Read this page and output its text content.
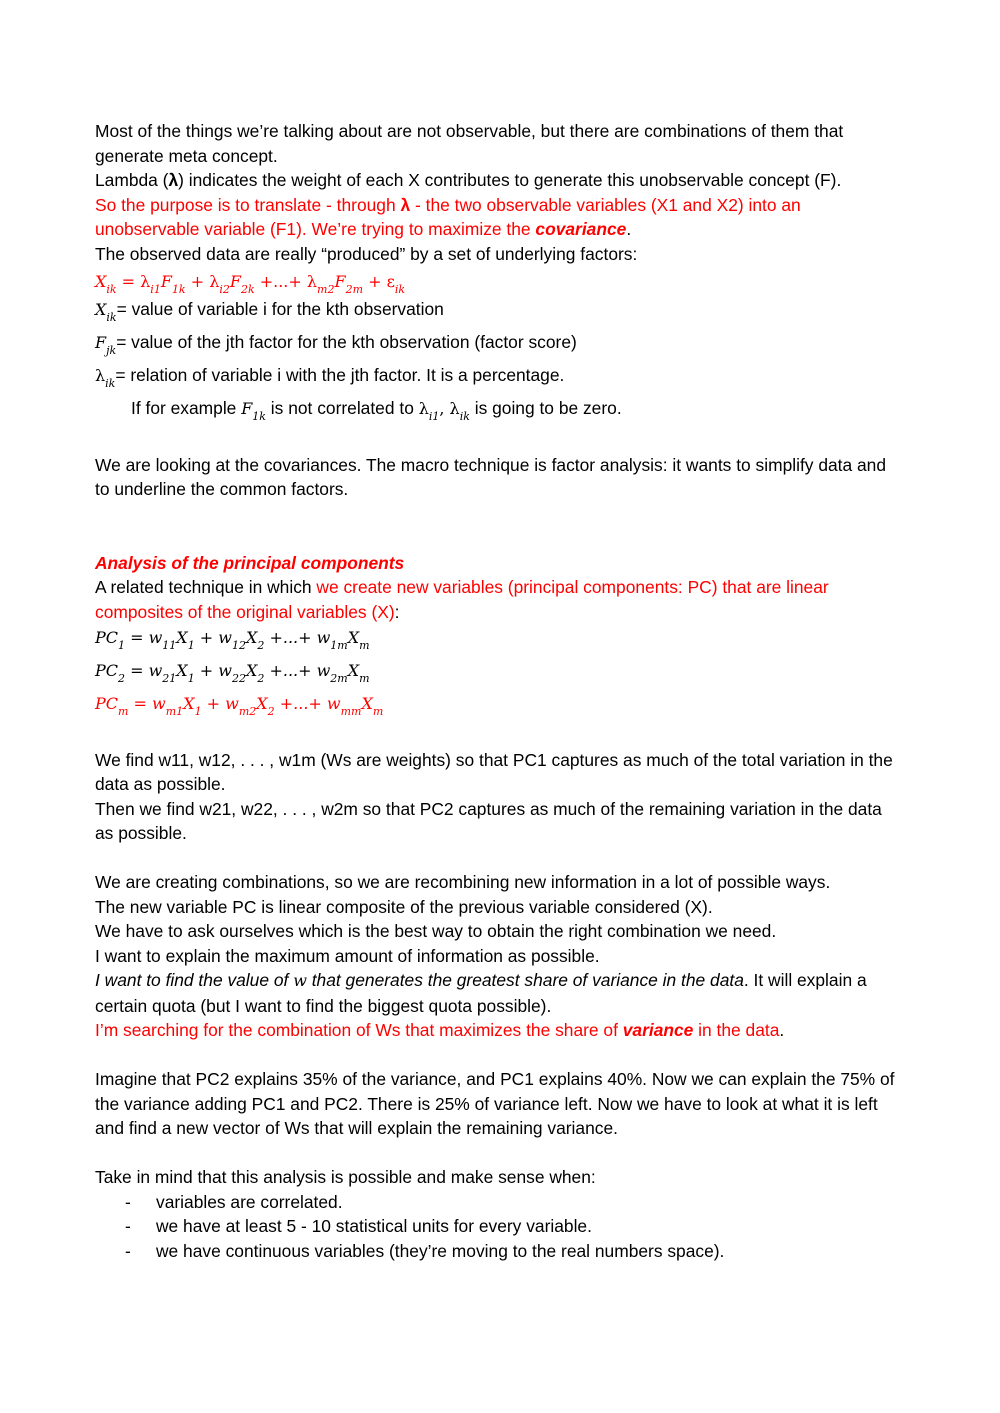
Most of the things we’re talking about are not observable, but there are combinations of them that generate meta concept.

Lambda (λ) indicates the weight of each X contributes to generate this unobservable concept (F).

So the purpose is to translate - through λ - the two observable variables (X1 and X2) into an unobservable variable (F1). We’re trying to maximize the covariance.

The observed data are really “produced” by a set of underlying factors:

$X_{ik} = \lambda_{i1}F_{1k} + \lambda_{i2}F_{2k}$ +...+ $\lambda_{m2}F_{2m} + \varepsilon_{ik}$
$X_{ik}=$ value of variable i for the kth observation
$F_{jk}=$ value of the jth factor for the kth observation (factor score)
$\lambda_{ik}=$ relation of variable i with the jth factor. It is a percentage.
If for example $F_{1k}$ is not correlated to $\lambda_{i1}$, $\lambda_{ik}$ is going to be zero.

We are looking at the covariances. The macro technique is factor analysis: it wants to simplify data and to underline the common factors.

Analysis of the principal components

A related technique in which we create new variables (principal components: PC) that are linear composites of the original variables (X):

$PC_1 = w_{11}X_1 + w_{12}X_2$ +...+ $w_{1m}X_m$
$PC_2 = w_{21}X_1 + w_{22}X_2$ +...+ $w_{2m}X_m$
$PC_m = w_{m1}X_1 + w_{m2}X_2$ +...+ $w_{mm}X_m$

We find w11, w12, . . . , w1m (Ws are weights) so that PC1 captures as much of the total variation in the data as possible.

Then we find w21, w22, . . . , w2m so that PC2 captures as much of the remaining variation in the data as possible.

We are creating combinations, so we are recombining new information in a lot of possible ways.

The new variable PC is linear composite of the previous variable considered (X).

We have to ask ourselves which is the best way to obtain the right combination we need.

I want to explain the maximum amount of information as possible.

I want to find the value of w that generates the greatest share of variance in the data. It will explain a certain quota (but I want to find the biggest quota possible).

I’m searching for the combination of Ws that maximizes the share of variance in the data.

Imagine that PC2 explains 35% of the variance, and PC1 explains 40%. Now we can explain the 75% of the variance adding PC1 and PC2. There is 25% of variance left. Now we have to look at what it is left and find a new vector of Ws that will explain the remaining variance.

Take in mind that this analysis is possible and make sense when:

- variables are correlated.
- we have at least 5 - 10 statistical units for every variable.
- we have continuous variables (they’re moving to the real numbers space).
